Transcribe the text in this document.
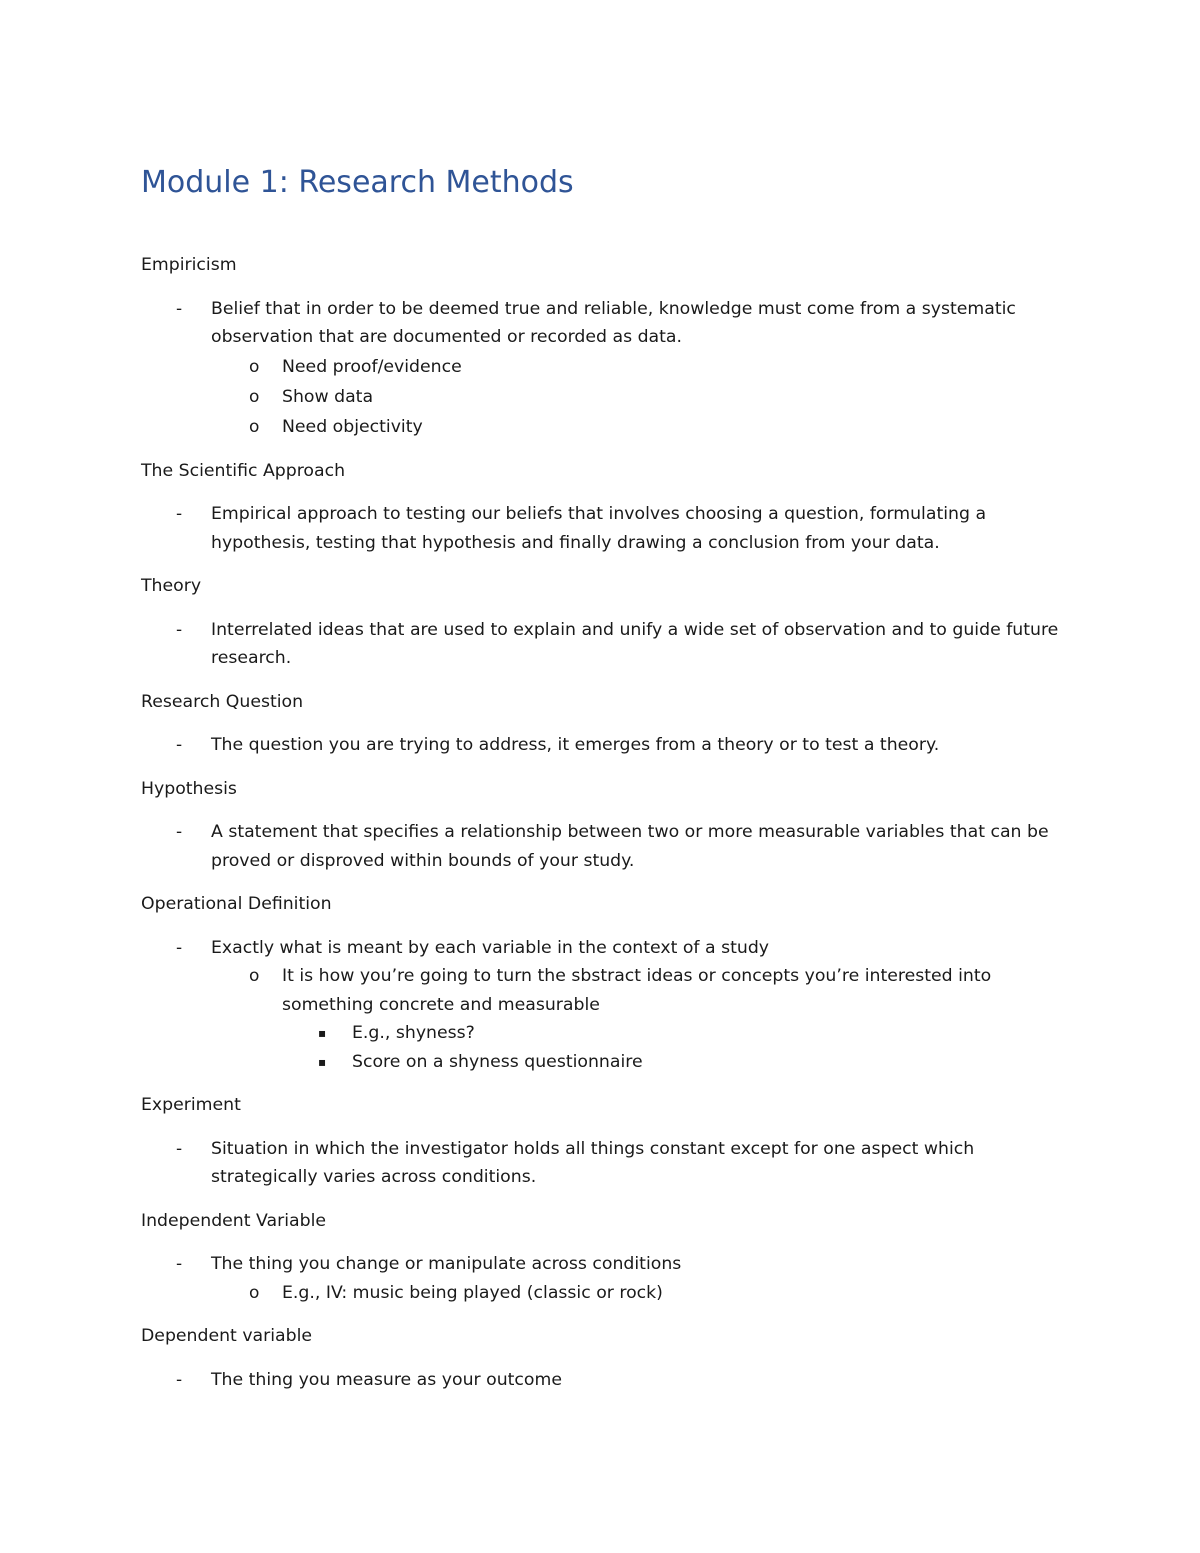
Module 1: Research Methods
Empiricism
- Belief that in order to be deemed true and reliable, knowledge must come from a systematic observation that are documented or recorded as data.
o Need proof/evidence
o Show data
o Need objectivity
The Scientific Approach
- Empirical approach to testing our beliefs that involves choosing a question, formulating a hypothesis, testing that hypothesis and finally drawing a conclusion from your data.
Theory
- Interrelated ideas that are used to explain and unify a wide set of observation and to guide future research.
Research Question
- The question you are trying to address, it emerges from a theory or to test a theory.
Hypothesis
- A statement that specifies a relationship between two or more measurable variables that can be proved or disproved within bounds of your study.
Operational Definition
- Exactly what is meant by each variable in the context of a study
o It is how you’re going to turn the sbstract ideas or concepts you’re interested into something concrete and measurable
▪ E.g., shyness?
▪ Score on a shyness questionnaire
Experiment
- Situation in which the investigator holds all things constant except for one aspect which strategically varies across conditions.
Independent Variable
- The thing you change or manipulate across conditions
o E.g., IV: music being played (classic or rock)
Dependent variable
- The thing you measure as your outcome
